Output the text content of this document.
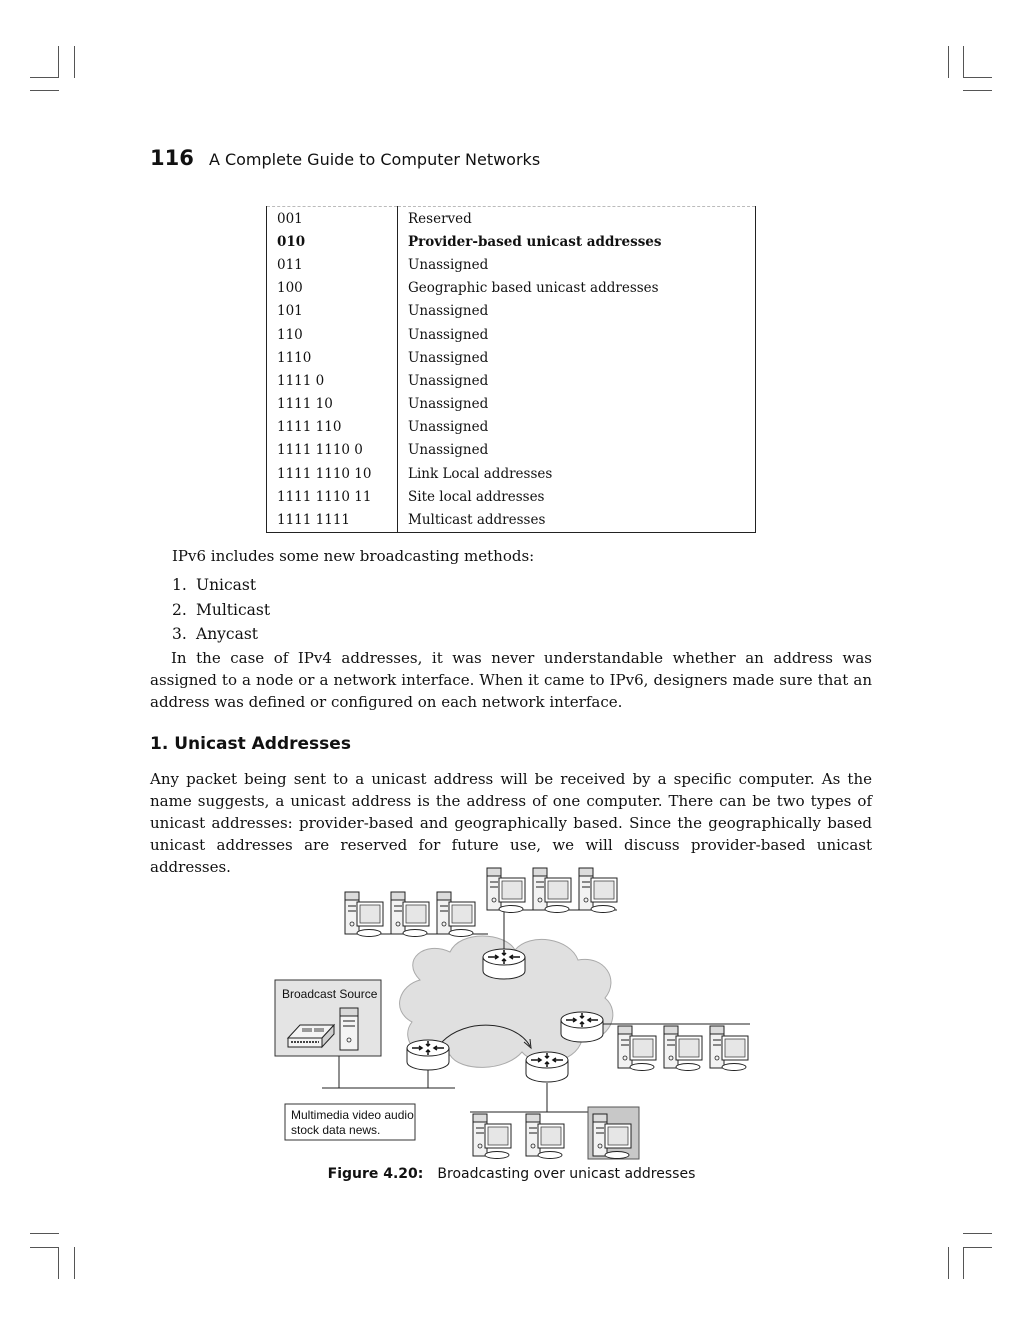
116 A Complete Guide to Computer Networks
001	Reserved
010	Provider-based unicast addresses
011	Unassigned
100	Geographic based unicast addresses
101	Unassigned
110	Unassigned
1110	Unassigned
1111 0	Unassigned
1111 10	Unassigned
1111 110	Unassigned
1111 1110 0	Unassigned
1111 1110 10	Link Local addresses
1111 1110 11	Site local addresses
1111 1111	Multicast addresses
IPv6 includes some new broadcasting methods:
1. Unicast
2. Multicast
3. Anycast
In the case of IPv4 addresses, it was never understandable whether an address was assigned to a node or a network interface. When it came to IPv6, designers made sure that an address was defined or configured on each network interface.
1. Unicast Addresses
Any packet being sent to a unicast address will be received by a specific computer. As the name suggests, a unicast address is the address of one computer. There can be two types of unicast addresses: provider-based and geographically based. Since the geographically based unicast addresses are reserved for future use, we will discuss provider-based unicast addresses.
Broadcast Source
Multimedia video audio
stock data news.
Figure 4.20: Broadcasting over unicast addresses
